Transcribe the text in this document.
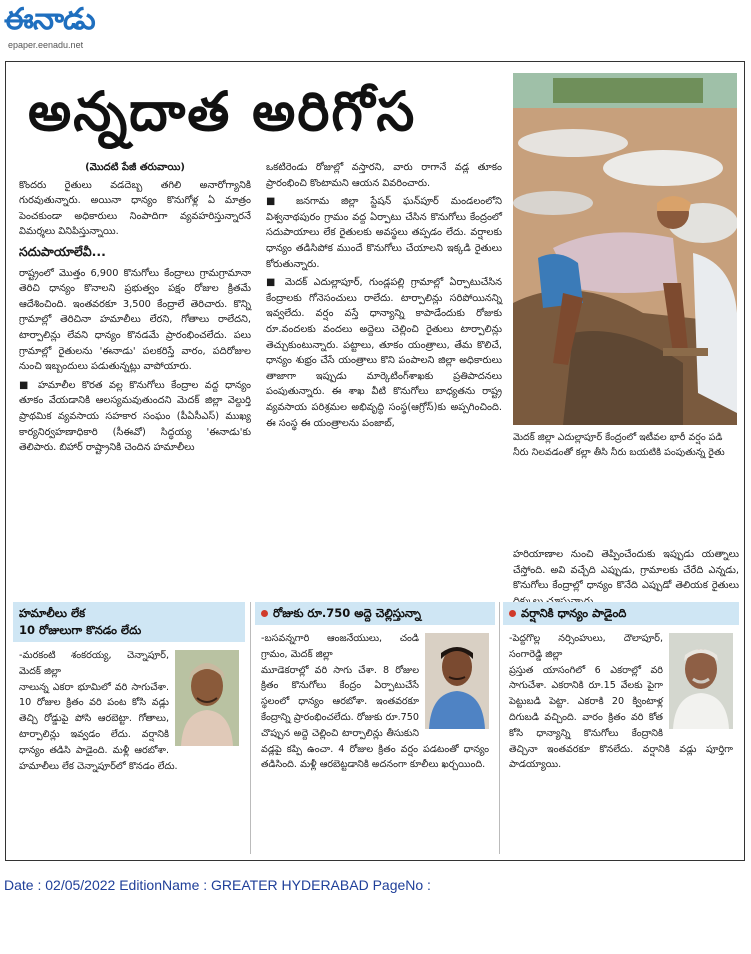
ఈనాడు
epaper.eenadu.net
అన్నదాత అరిగోస
మెదక్ జిల్లా ఎదుల్లాపూర్ కేంద్రంలో ఇటీవల భారీ వర్షం పడి నీరు నిలవడంతో కల్లా తీసి నీరు బయటికి పంపుతున్న రైతు
(మొదటి పేజీ తరువాయి)

కొందరు రైతులు వడదెబ్బ తగిలి అనారోగ్యానికి గురవుతున్నారు. అయినా ధాన్యం కొనుగోళ్ల ఏ మాత్రం పెంచకుండా అధికారులు నింపాదిగా వ్యవహరిస్తున్నారనే విమర్శలు వినిపిస్తున్నాయి.

సదుపాయాలేవీ...

రాష్ట్రంలో మొత్తం 6,900 కొనుగోలు కేంద్రాలు గ్రామగ్రామానా తెరిచి ధాన్యం కొనాలని ప్రభుత్వం పక్షం రోజుల క్రితమే ఆదేశించింది. ఇంతవరకూ 3,500 కేంద్రాలే తెరిచారు. కొన్ని గ్రామాల్లో తెరిచినా హమాలీలు లేరని, గోతాలు రాలేదని, టార్పాలిన్లు లేవని ధాన్యం కొనడమే ప్రారంభించలేదు. పలు గ్రామాల్లో రైతులను 'ఈనాడు' పలకరిస్తే వారం, పదిరోజుల నుంచి ఇబ్బందులు పడుతున్నట్లు వాపోయారు.

■ హమాలీల కొరత వల్ల కొనుగోలు కేంద్రాల వద్ద ధాన్యం తూకం వేయడానికి ఆలస్యమవుతుందని మెదక్ జిల్లా వెల్దుర్తి ప్రాథమిక వ్యవసాయ సహకార సంఘం (పీఏసీఎస్) ముఖ్య కార్యనిర్వహణాధికారి (సీఈవో) సిద్ధయ్య 'ఈనాడు'కు తెలిపారు. బిహార్ రాష్ట్రానికి చెందిన హమాలీలు

ఒకటిరెండు రోజుల్లో వస్తారని, వారు రాగానే వడ్ల తూకం ప్రారంభించి కొంటామని ఆయన వివరించారు.

■ జనగామ జిల్లా స్టేషన్ ఘన్‌పూర్ మండలంలోని విశ్వనాథపురం గ్రామం వద్ద ఏర్పాటు చేసిన కొనుగోలు కేంద్రంలో సదుపాయాలు లేక రైతులకు అవస్థలు తప్పడం లేదు. వర్షాలకు ధాన్యం తడిసిపోక ముందే కొనుగోలు చేయాలని ఇక్కడి రైతులు కోరుతున్నారు.

■ మెదక్ ఎదుల్లాపూర్, గుండ్లపల్లి గ్రామాల్లో ఏర్పాటుచేసిన కేంద్రాలకు గోనెసంచులు రాలేదు. టార్పాలిన్లు సరిపోయినన్ని ఇవ్వలేదు. వర్షం వస్తే ధాన్యాన్ని కాపాడేందుకు రోజుకు రూ.వందలకు వందలు అద్దెలు చెల్లించి రైతులు టార్పాలిన్లు తెచ్చుకుంటున్నారు. పట్టాలు, తూకం యంత్రాలు, తేమ కొలిచే, ధాన్యం శుభ్రం చేసే యంత్రాలు కొని పంపాలని జిల్లా అధికారులు తాజాగా ఇప్పుడు మార్కెటింగ్‌శాఖకు ప్రతిపాదనలు పంపుతున్నారు. ఈ శాఖ వీటి కొనుగోలు బాధ్యతను రాష్ట్ర వ్యవసాయ పరిశ్రమల అభివృద్ధి సంస్థ(ఆగ్రోస్)కు అప్పగించింది. ఈ సంస్థ ఈ యంత్రాలను పంజాబ్,

హరియాణాల నుంచి తెప్పించేందుకు ఇప్పుడు యత్నాలు చేస్తోంది. అవి వచ్చేది ఎప్పుడు, గ్రామాలకు చేరేది ఎన్నడు, కొనుగోలు కేంద్రాల్లో ధాన్యం కొనేది ఎప్పుడో తెలియక రైతులు

హమాలీలు లేక
10 రోజులుగా కొనడం లేదు
-మరకంటి శంకరయ్య, చెన్నాపూర్, మెదక్ జిల్లా
నాలున్న ఎకరా భూమిలో వరి సాగుచేశా. 10 రోజుల క్రితం వరి పంట కోసి వడ్లు తెచ్చి రోడ్డుపై పోసి ఆరబెట్టా. గోతాలు, టార్పాలిన్లు ఇవ్వడం లేదు. వర్షానికి ధాన్యం తడిసి పాడైంది. మళ్లీ ఆరబోశా. హమాలీలు లేక చెన్నాపూర్‌లో కొనడం లేదు.
రోజుకు రూ.750 అద్దె చెల్లిస్తున్నా
-బసవన్నగారి ఆంజనేయులు, చండి గ్రామం, మెదక్ జిల్లా
మూడెకరాల్లో వరి సాగు చేశా. 8 రోజుల క్రితం కొనుగోలు కేంద్రం ఏర్పాటుచేసే స్థలంలో ధాన్యం ఆరబోశా. ఇంతవరకూ కేంద్రాన్ని ప్రారంభించలేదు. రోజుకు రూ.750 చొప్పున అద్దె చెల్లించి టార్పాలిన్లు తీసుకుని వడ్లపై కప్పి ఉంచా. 4 రోజుల క్రితం వర్షం పడటంతో ధాన్యం తడిసింది. మళ్లీ ఆరబెట్టడానికి అదనంగా కూలీలు ఖర్చయింది.
వర్షానికి ధాన్యం పాడైంది
-పెద్దగొల్ల నర్సింహులు, దౌలాపూర్, సంగారెడ్డి జిల్లా
ప్రస్తుత యాసంగిలో 6 ఎకరాల్లో వరి సాగుచేశా. ఎకరానికి రూ.15 వేలకు పైగా పెట్టుబడి పెట్టా. ఎకరాకి 20 క్వింటాళ్ల దిగుబడి వచ్చింది. వారం క్రితం వరి కోత కోసి ధాన్యాన్ని కొనుగోలు కేంద్రానికి తెచ్చినా ఇంతవరకూ కొనలేదు. వర్షానికి వడ్లు పూర్తిగా పాడయ్యాయి.
Date : 02/05/2022 EditionName : GREATER HYDERABAD PageNo :
